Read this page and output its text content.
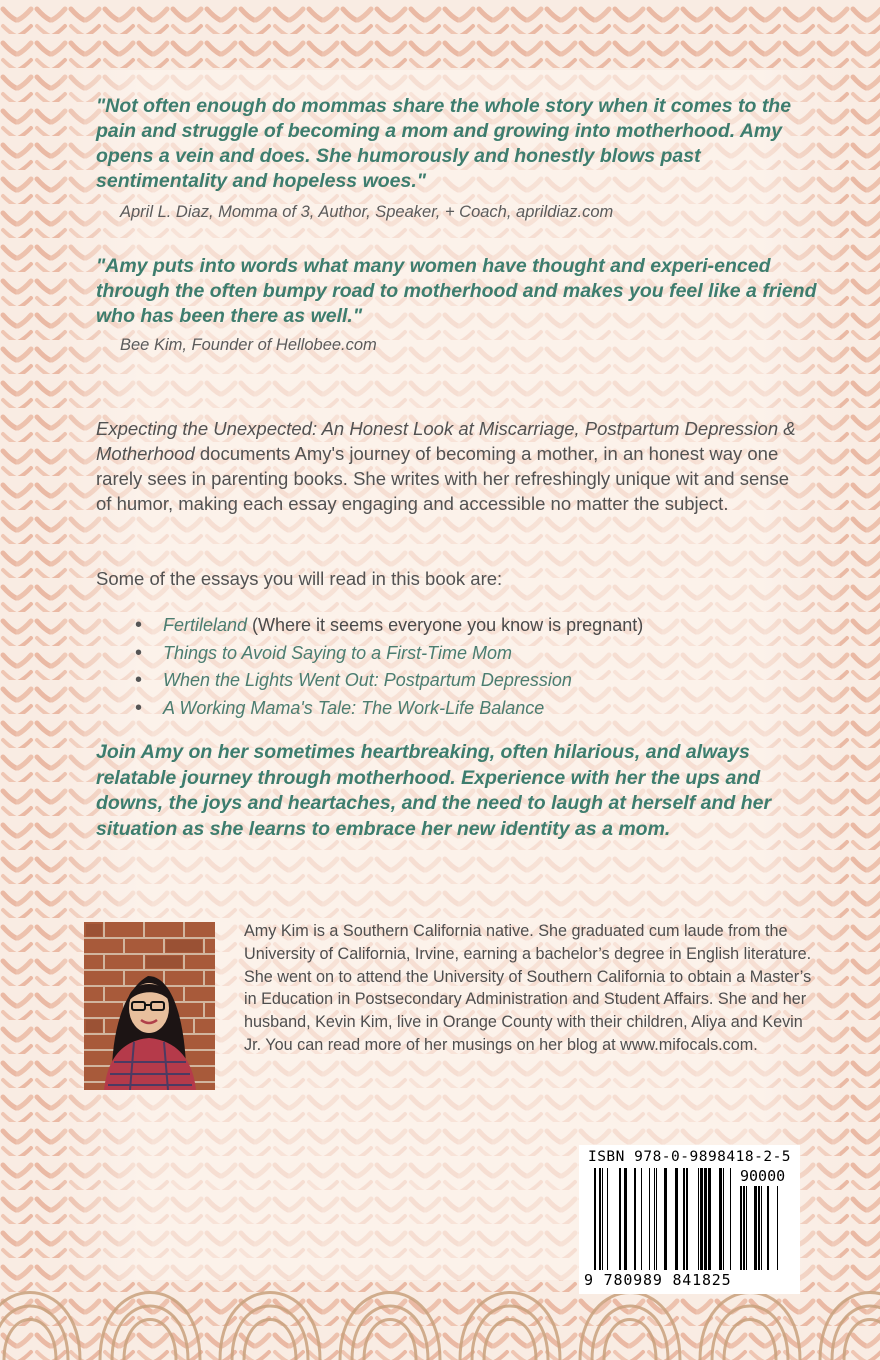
"Not often enough do mommas share the whole story when it comes to the pain and struggle of becoming a mom and growing into motherhood. Amy opens a vein and does. She humorously and honestly blows past sentimentality and hopeless woes."
April L. Diaz, Momma of 3, Author, Speaker, + Coach, aprildiaz.com
"Amy puts into words what many women have thought and experi-enced through the often bumpy road to motherhood and makes you feel like a friend who has been there as well."
Bee Kim, Founder of Hellobee.com
Expecting the Unexpected: An Honest Look at Miscarriage, Postpartum Depression & Motherhood documents Amy's journey of becoming a mother, in an honest way one rarely sees in parenting books. She writes with her refreshingly unique wit and sense of humor, making each essay engaging and accessible no matter the subject.
Some of the essays you will read in this book are:
• Fertileland (Where it seems everyone you know is pregnant)
• Things to Avoid Saying to a First-Time Mom
• When the Lights Went Out: Postpartum Depression
• A Working Mama's Tale: The Work-Life Balance
Join Amy on her sometimes heartbreaking, often hilarious, and always relatable journey through motherhood. Experience with her the ups and downs, the joys and heartaches, and the need to laugh at herself and her situation as she learns to embrace her new identity as a mom.
Amy Kim is a Southern California native. She graduated cum laude from the University of California, Irvine, earning a bachelor’s degree in English literature. She went on to attend the University of Southern California to obtain a Master’s in Education in Postsecondary Administration and Student Affairs. She and her husband, Kevin Kim, live in Orange County with their children, Aliya and Kevin Jr. You can read more of her musings on her blog at www.mifocals.com.
ISBN 978-0-9898418-2-5
90000
9 780989 841825
